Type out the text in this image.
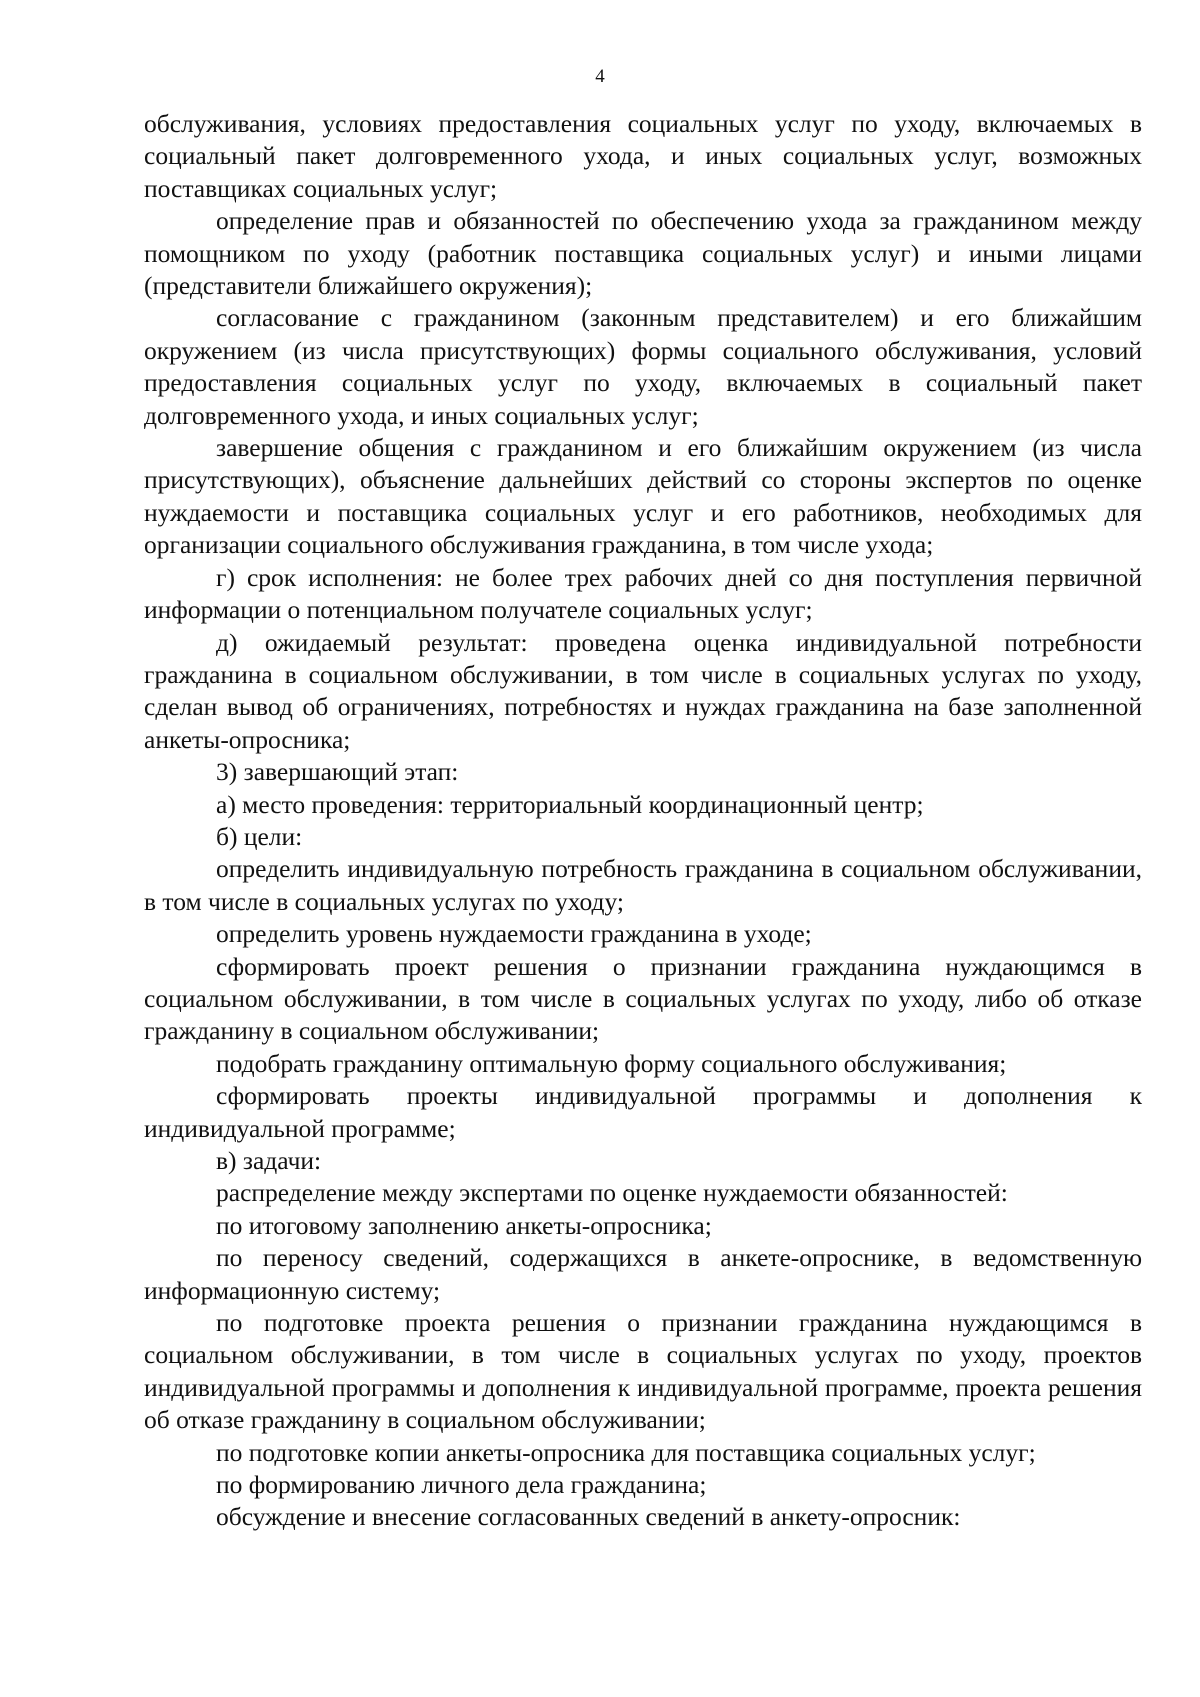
4

обслуживания, условиях предоставления социальных услуг по уходу, включаемых в социальный пакет долговременного ухода, и иных социальных услуг, возможных поставщиках социальных услуг;

определение прав и обязанностей по обеспечению ухода за гражданином между помощником по уходу (работник поставщика социальных услуг) и иными лицами (представители ближайшего окружения);

согласование с гражданином (законным представителем) и его ближайшим окружением (из числа присутствующих) формы социального обслуживания, условий предоставления социальных услуг по уходу, включаемых в социальный пакет долговременного ухода, и иных социальных услуг;

завершение общения с гражданином и его ближайшим окружением (из числа присутствующих), объяснение дальнейших действий со стороны экспертов по оценке нуждаемости и поставщика социальных услуг и его работников, необходимых для организации социального обслуживания гражданина, в том числе ухода;

г) срок исполнения: не более трех рабочих дней со дня поступления первичной информации о потенциальном получателе социальных услуг;

д) ожидаемый результат: проведена оценка индивидуальной потребности гражданина в социальном обслуживании, в том числе в социальных услугах по уходу, сделан вывод об ограничениях, потребностях и нуждах гражданина на базе заполненной анкеты-опросника;

3) завершающий этап:

а) место проведения: территориальный координационный центр;

б) цели:

определить индивидуальную потребность гражданина в социальном обслуживании, в том числе в социальных услугах по уходу;

определить уровень нуждаемости гражданина в уходе;

сформировать проект решения о признании гражданина нуждающимся в социальном обслуживании, в том числе в социальных услугах по уходу, либо об отказе гражданину в социальном обслуживании;

подобрать гражданину оптимальную форму социального обслуживания;

сформировать проекты индивидуальной программы и дополнения к индивидуальной программе;

в) задачи:

распределение между экспертами по оценке нуждаемости обязанностей:

по итоговому заполнению анкеты-опросника;

по переносу сведений, содержащихся в анкете-опроснике, в ведомственную информационную систему;

по подготовке проекта решения о признании гражданина нуждающимся в социальном обслуживании, в том числе в социальных услугах по уходу, проектов индивидуальной программы и дополнения к индивидуальной программе, проекта решения об отказе гражданину в социальном обслуживании;

по подготовке копии анкеты-опросника для поставщика социальных услуг;

по формированию личного дела гражданина;

обсуждение и внесение согласованных сведений в анкету-опросник:
